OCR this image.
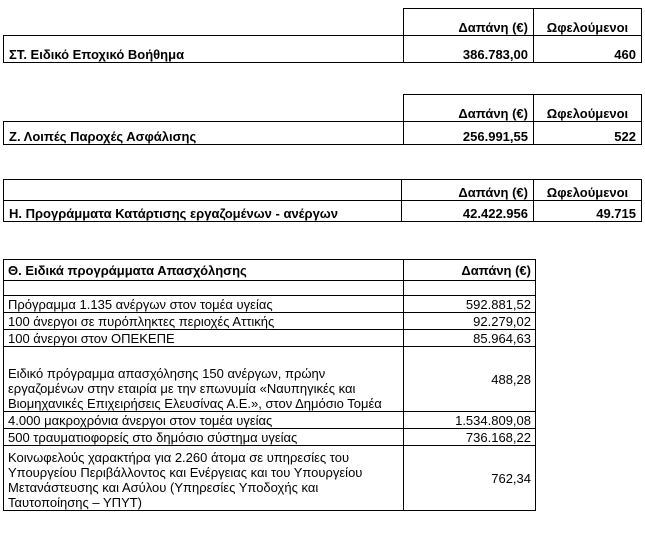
	Δαπάνη (€)	Ωφελούμενοι
ΣΤ. Ειδικό Εποχικό Βοήθημα	386.783,00	460
	Δαπάνη (€)	Ωφελούμενοι
Ζ. Λοιπές Παροχές Ασφάλισης	256.991,55	522
	Δαπάνη (€)	Ωφελούμενοι
Η. Προγράμματα Κατάρτισης εργαζομένων - ανέργων	42.422.956	49.715
Θ. Ειδικά προγράμματα Απασχόλησης	Δαπάνη (€)

Πρόγραμμα 1.135 ανέργων στον τομέα υγείας	592.881,52
100 άνεργοι σε πυρόπληκτες περιοχές Αττικής	92.279,02
100 άνεργοι στον ΟΠΕΚΕΠΕ	85.964,63
Ειδικό πρόγραμμα απασχόλησης 150 ανέργων, πρώην εργαζομένων στην εταιρία με την επωνυμία «Ναυπηγικές και Βιομηχανικές Επιχειρήσεις Ελευσίνας Α.Ε.», στον Δημόσιο Τομέα	488,28
4.000 μακροχρόνια άνεργοι στον τομέα υγείας	1.534.809,08
500 τραυματιοφορείς στο δημόσιο σύστημα υγείας	736.168,22
Κοινωφελούς χαρακτήρα για 2.260 άτομα σε υπηρεσίες του Υπουργείου Περιβάλλοντος και Ενέργειας και του Υπουργείου Μετανάστευσης και Ασύλου (Υπηρεσίες Υποδοχής και Ταυτοποίησης – ΥΠΥΤ)	762,34
